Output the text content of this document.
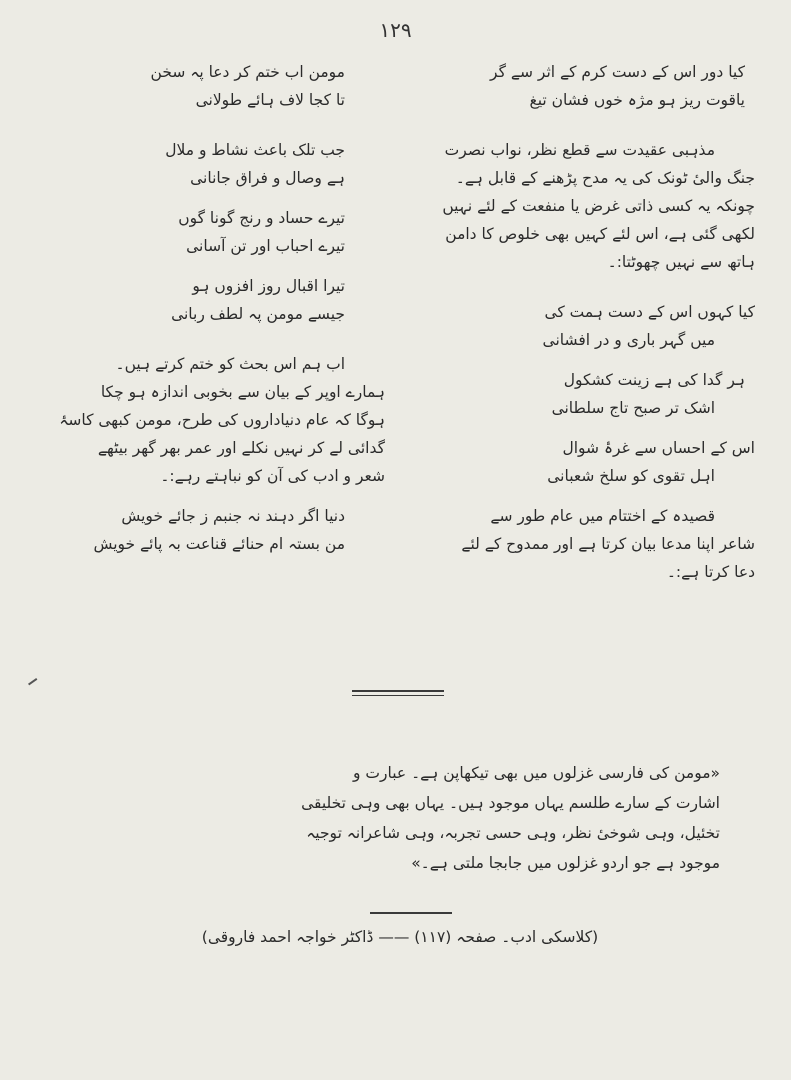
۱۲۹
کیا دور اس کے دست کرم کے اثر سے گر
یاقوت ریز ہو مژہ خوں فشان تیغ
مذہبی عقیدت سے قطع نظر، نواب نصرت
جنگ والیٔ ٹونک کی یہ مدح پڑھنے کے قابل ہے۔
چونکہ یہ کسی ذاتی غرض یا منفعت کے لئے نہیں
لکھی گئی ہے، اس لئے کہیں بھی خلوص کا دامن
ہاتھ سے نہیں چھوٹتا:۔
کیا کہوں اس کے دست ہمت کی
میں گہر باری و در افشانی
ہر گدا کی ہے زینت کشکول
اشک تر صبح تاج سلطانی
اس کے احساں سے غرۂ شوال
اہل تقوی کو سلخ شعبانی
قصیدہ کے اختتام میں عام طور سے
شاعر اپنا مدعا بیان کرتا ہے اور ممدوح کے لئے
دعا کرتا ہے:۔
مومن اب ختم کر دعا پہ سخن
تا کجا لاف ہائے طولانی
جب تلک باعث نشاط و ملال
ہے وصال و فراق جانانی
تیرے حساد و رنج گونا گوں
تیرے احباب اور تن آسانی
تیرا اقبال روز افزوں ہو
جیسے مومن پہ لطف ربانی
اب ہم اس بحث کو ختم کرتے ہیں۔
ہمارے اوپر کے بیان سے بخوبی اندازہ ہو چکا
ہوگا کہ عام دنیاداروں کی طرح، مومن کبھی کاسۂ
گدائی لے کر نہیں نکلے اور عمر بھر گھر بیٹھے
شعر و ادب کی آن کو نباہتے رہے:۔
دنیا اگر دہند نہ جنبم ز جائے خویش
من بستہ ام حنائے قناعت بہ پائے خویش
«مومن کی فارسی غزلوں میں بھی تیکھاپن ہے۔ عبارت و
اشارت کے سارے طلسم یہاں موجود ہیں۔ یہاں بھی وہی تخلیقی
تخئیل، وہی شوخیٔ نظر، وہی حسی تجربہ، وہی شاعرانہ توجیہ
موجود ہے جو اردو غزلوں میں جابجا ملتی ہے۔»
(کلاسکی ادب۔ صفحہ (۱۱۷) —— ڈاکٹر خواجہ احمد فاروقی)
